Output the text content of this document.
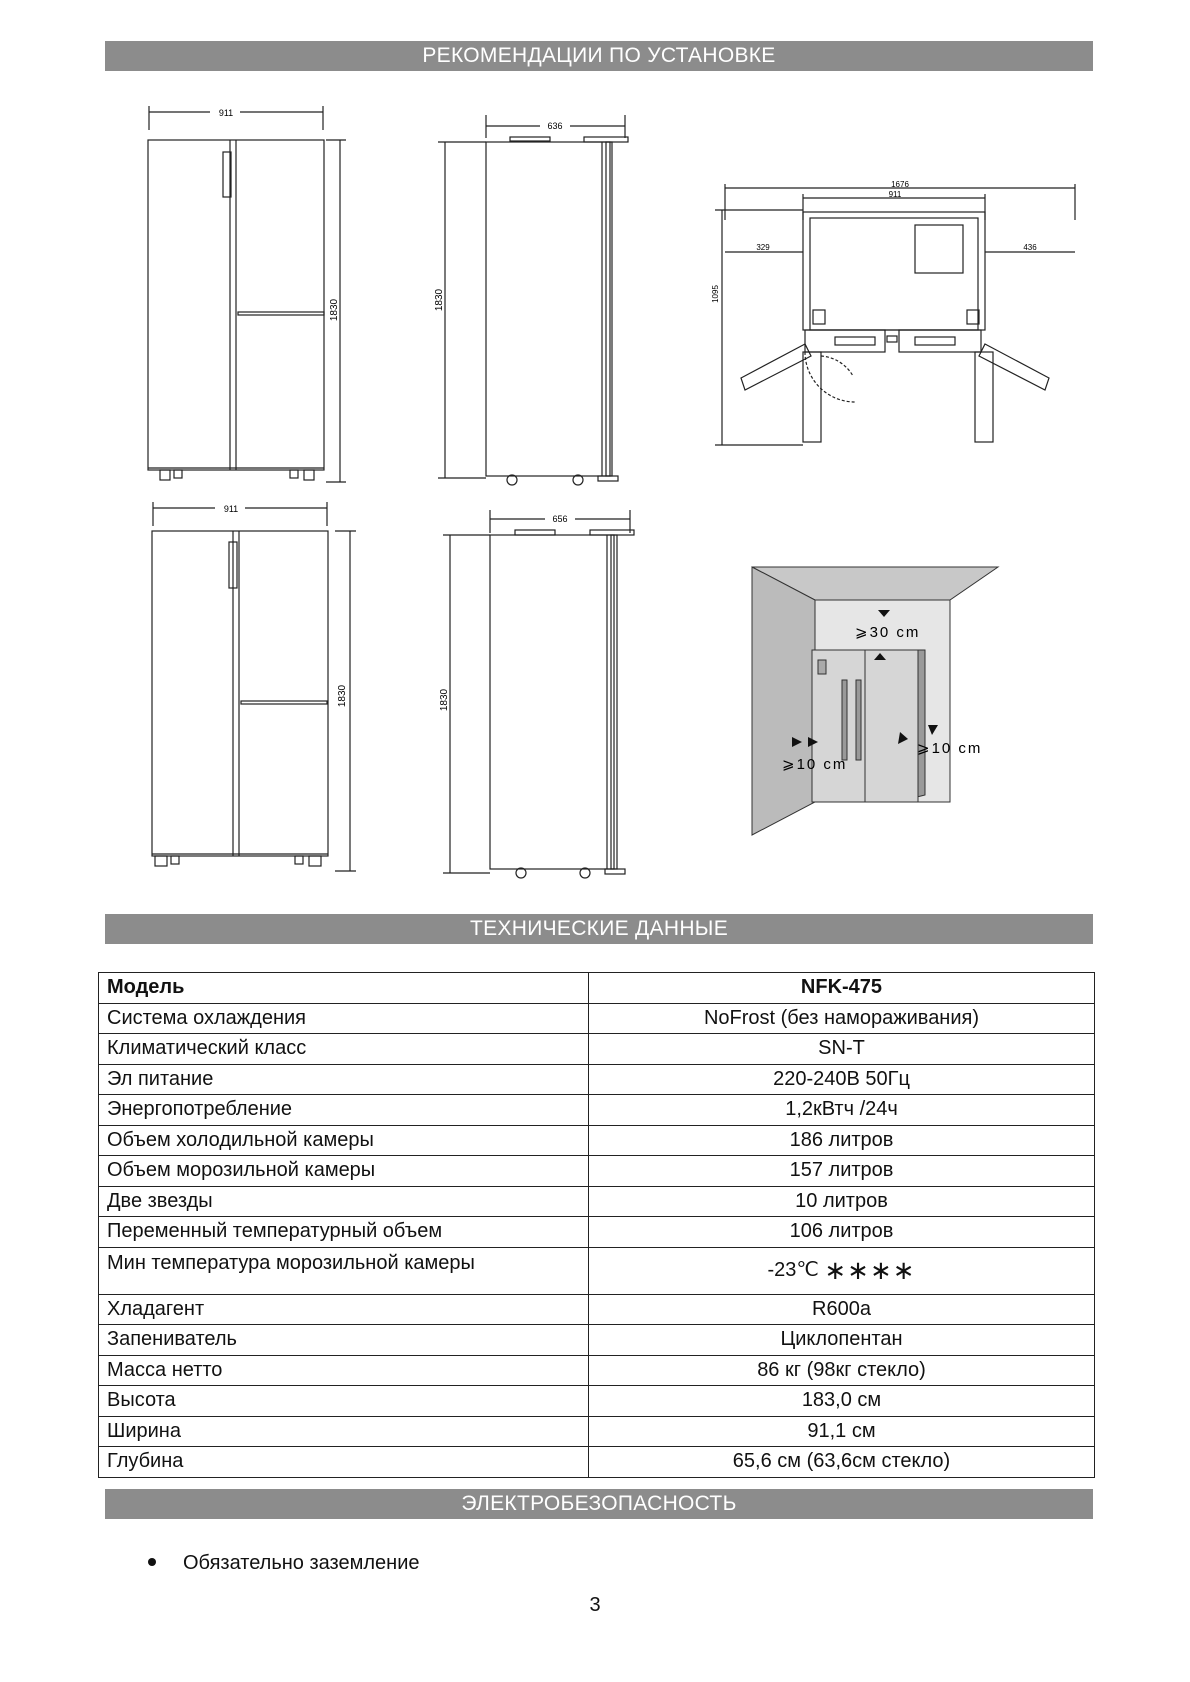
РЕКОМЕНДАЦИИ ПО УСТАНОВКЕ
911
1830
636
1830
1676
911
329	436
1095
911
1830
656
1830
⩾30 cm
⩾10 cm
⩾10 cm
ТЕХНИЧЕСКИЕ ДАННЫЕ
Модель	NFK-475
Система охлаждения	NoFrost (без намораживания)
Климатический класс	SN-T
Эл питание	220-240В 50Гц
Энергопотребление	1,2кВтч /24ч
Объем холодильной камеры	186 литров
Объем морозильной камеры	157 литров
Две звезды	10 литров
Переменный температурный объем	106 литров
Мин температура морозильной камеры	-23℃ ∗∗∗∗
Хладагент	R600a
Запениватель	Циклопентан
Масса нетто	86 кг (98кг стекло)
Высота	183,0 см
Ширина	91,1 см
Глубина	65,6 см (63,6см стекло)
ЭЛЕКТРОБЕЗОПАСНОСТЬ
Обязательно заземление
3
